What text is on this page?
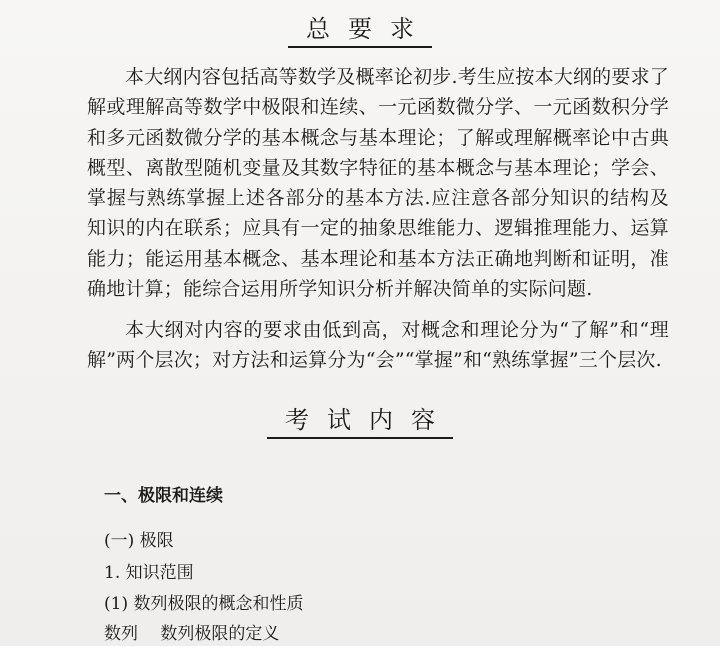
总要求

本大纲内容包括高等数学及概率论初步.考生应按本大纲的要求了解或理解高等数学中极限和连续、一元函数微分学、一元函数积分学和多元函数微分学的基本概念与基本理论；了解或理解概率论中古典概型、离散型随机变量及其数字特征的基本概念与基本理论；学会、掌握与熟练掌握上述各部分的基本方法.应注意各部分知识的结构及知识的内在联系；应具有一定的抽象思维能力、逻辑推理能力、运算能力；能运用基本概念、基本理论和基本方法正确地判断和证明，准确地计算；能综合运用所学知识分析并解决简单的实际问题.

本大纲对内容的要求由低到高，对概念和理论分为“了解”和“理解”两个层次；对方法和运算分为“会”“掌握”和“熟练掌握”三个层次.

考试内容
一、极限和连续
(一) 极限
1. 知识范围
(1) 数列极限的概念和性质
数列　 数列极限的定义
